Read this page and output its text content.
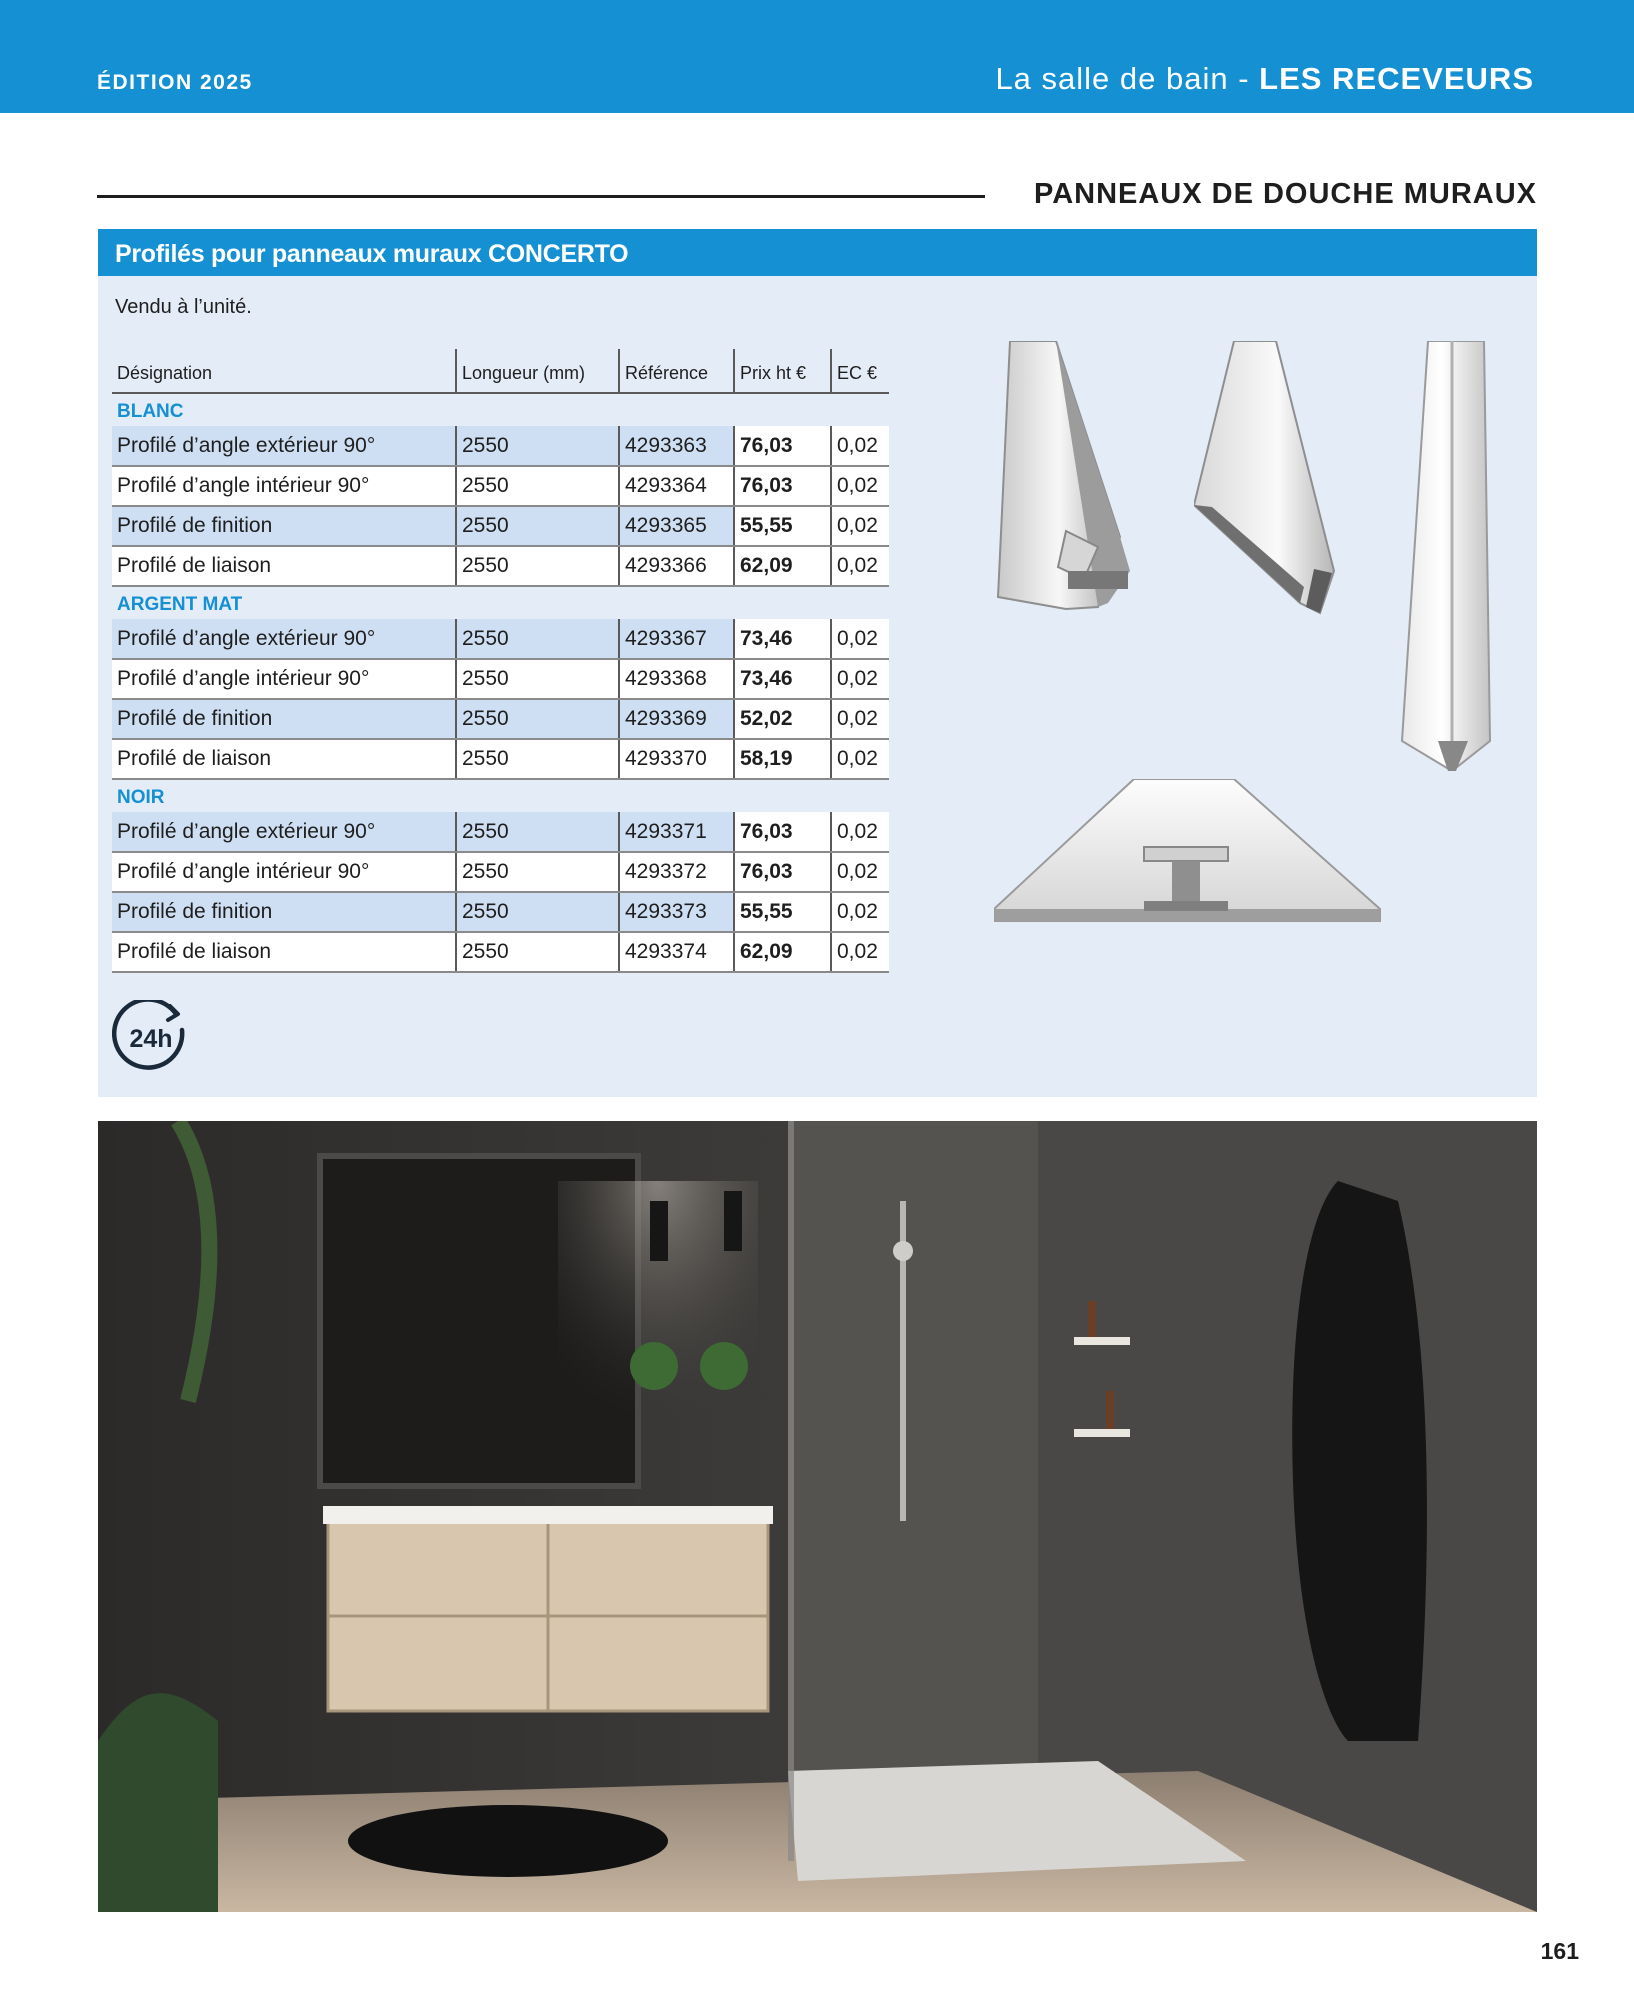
ÉDITION 2025	La salle de bain - LES RECEVEURS
PANNEAUX DE DOUCHE MURAUX
Profilés pour panneaux muraux CONCERTO
Vendu à l’unité.
Désignation	Longueur (mm)	Référence	Prix ht €	EC €
BLANC				
Profilé d’angle extérieur 90°	2550	4293363	76,03	0,02
Profilé d’angle intérieur 90°	2550	4293364	76,03	0,02
Profilé de finition	2550	4293365	55,55	0,02
Profilé de liaison	2550	4293366	62,09	0,02
ARGENT MAT				
Profilé d’angle extérieur 90°	2550	4293367	73,46	0,02
Profilé d’angle intérieur 90°	2550	4293368	73,46	0,02
Profilé de finition	2550	4293369	52,02	0,02
Profilé de liaison	2550	4293370	58,19	0,02
NOIR				
Profilé d’angle extérieur 90°	2550	4293371	76,03	0,02
Profilé d’angle intérieur 90°	2550	4293372	76,03	0,02
Profilé de finition	2550	4293373	55,55	0,02
Profilé de liaison	2550	4293374	62,09	0,02
24h
161
